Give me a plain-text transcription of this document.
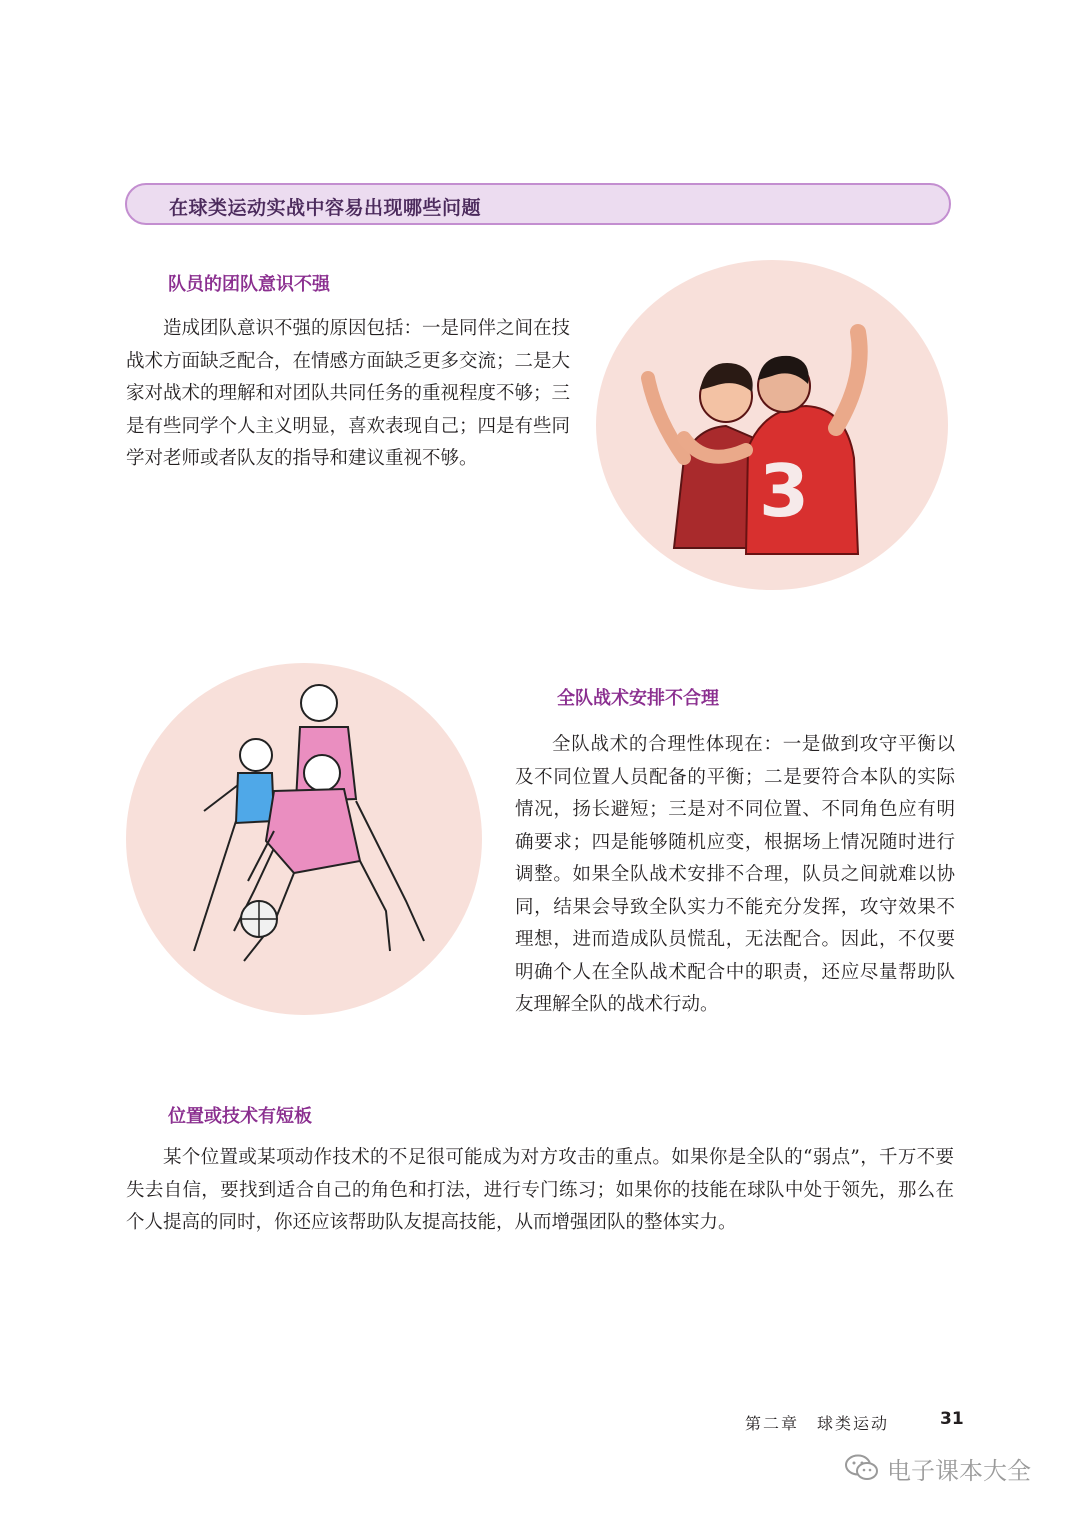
在球类运动实战中容易出现哪些问题
队员的团队意识不强

造成团队意识不强的原因包括：一是同伴之间在技战术方面缺乏配合，在情感方面缺乏更多交流；二是大家对战术的理解和对团队共同任务的重视程度不够；三是有些同学个人主义明显，喜欢表现自己；四是有些同学对老师或者队友的指导和建议重视不够。	3
全队战术安排不合理

全队战术的合理性体现在：一是做到攻守平衡以及不同位置人员配备的平衡；二是要符合本队的实际情况，扬长避短；三是对不同位置、不同角色应有明确要求；四是能够随机应变，根据场上情况随时进行调整。如果全队战术安排不合理，队员之间就难以协同，结果会导致全队实力不能充分发挥，攻守效果不理想，进而造成队员慌乱，无法配合。因此，不仅要明确个人在全队战术配合中的职责，还应尽量帮助队友理解全队的战术行动。

位置或技术有短板

某个位置或某项动作技术的不足很可能成为对方攻击的重点。如果你是全队的“弱点”，千万不要失去自信，要找到适合自己的角色和打法，进行专门练习；如果你的技能在球队中处于领先，那么在个人提高的同时，你还应该帮助队友提高技能，从而增强团队的整体实力。

第二章　球类运动	31
电子课本大全
